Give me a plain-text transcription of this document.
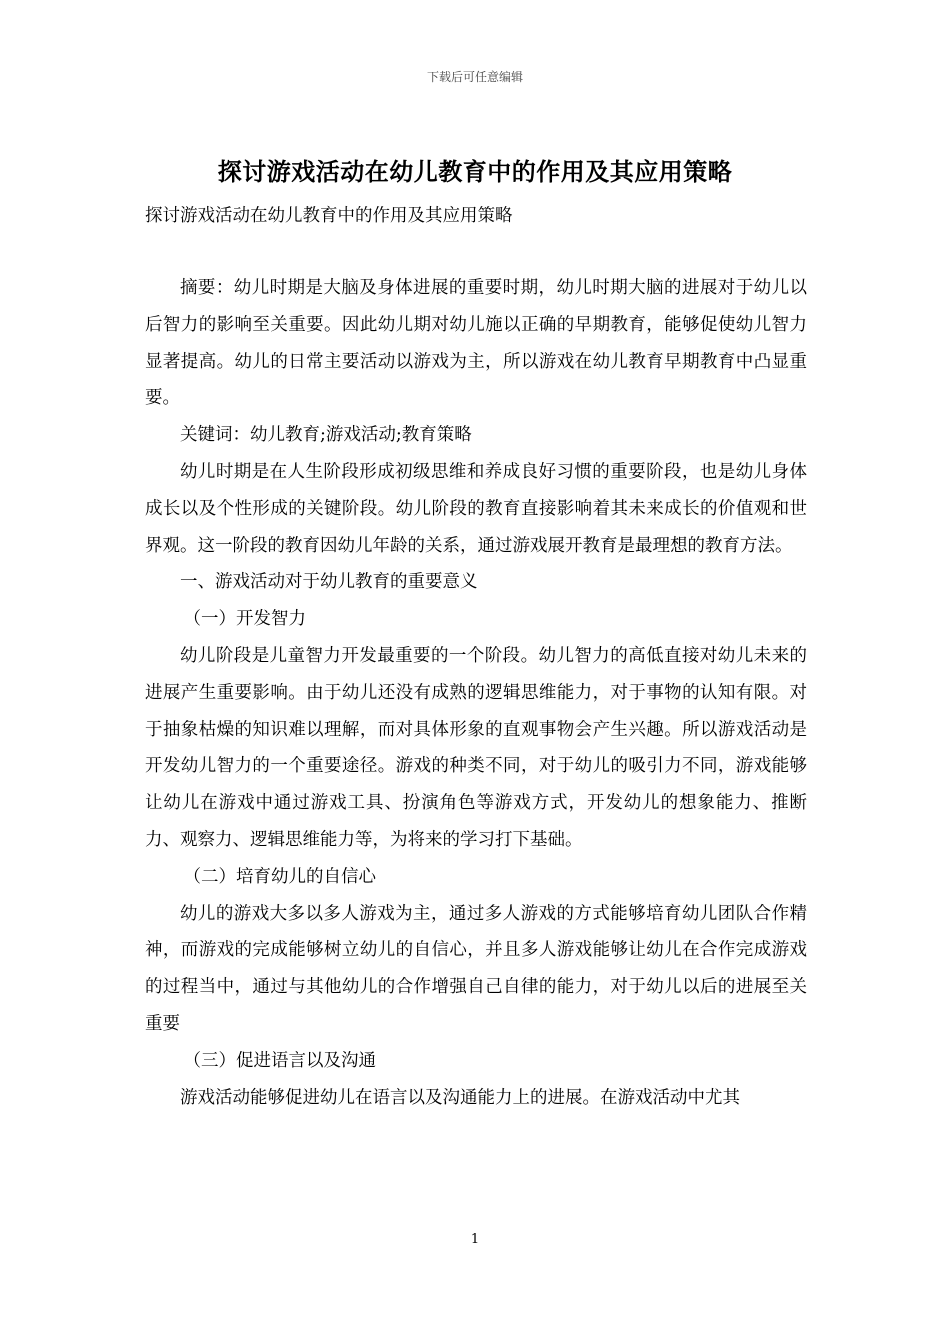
下载后可任意编辑
探讨游戏活动在幼儿教育中的作用及其应用策略
探讨游戏活动在幼儿教育中的作用及其应用策略

摘要：幼儿时期是大脑及身体进展的重要时期，幼儿时期大脑的进展对于幼儿以后智力的影响至关重要。因此幼儿期对幼儿施以正确的早期教育，能够促使幼儿智力显著提高。幼儿的日常主要活动以游戏为主，所以游戏在幼儿教育早期教育中凸显重要。

关键词：幼儿教育;游戏活动;教育策略

幼儿时期是在人生阶段形成初级思维和养成良好习惯的重要阶段，也是幼儿身体成长以及个性形成的关键阶段。幼儿阶段的教育直接影响着其未来成长的价值观和世界观。这一阶段的教育因幼儿年龄的关系，通过游戏展开教育是最理想的教育方法。

一、游戏活动对于幼儿教育的重要意义

（一）开发智力

幼儿阶段是儿童智力开发最重要的一个阶段。幼儿智力的高低直接对幼儿未来的进展产生重要影响。由于幼儿还没有成熟的逻辑思维能力，对于事物的认知有限。对于抽象枯燥的知识难以理解，而对具体形象的直观事物会产生兴趣。所以游戏活动是开发幼儿智力的一个重要途径。游戏的种类不同，对于幼儿的吸引力不同，游戏能够让幼儿在游戏中通过游戏工具、扮演角色等游戏方式，开发幼儿的想象能力、推断力、观察力、逻辑思维能力等，为将来的学习打下基础。

（二）培育幼儿的自信心

幼儿的游戏大多以多人游戏为主，通过多人游戏的方式能够培育幼儿团队合作精神，而游戏的完成能够树立幼儿的自信心，并且多人游戏能够让幼儿在合作完成游戏的过程当中，通过与其他幼儿的合作增强自己自律的能力，对于幼儿以后的进展至关重要

（三）促进语言以及沟通

游戏活动能够促进幼儿在语言以及沟通能力上的进展。在游戏活动中尤其

1
